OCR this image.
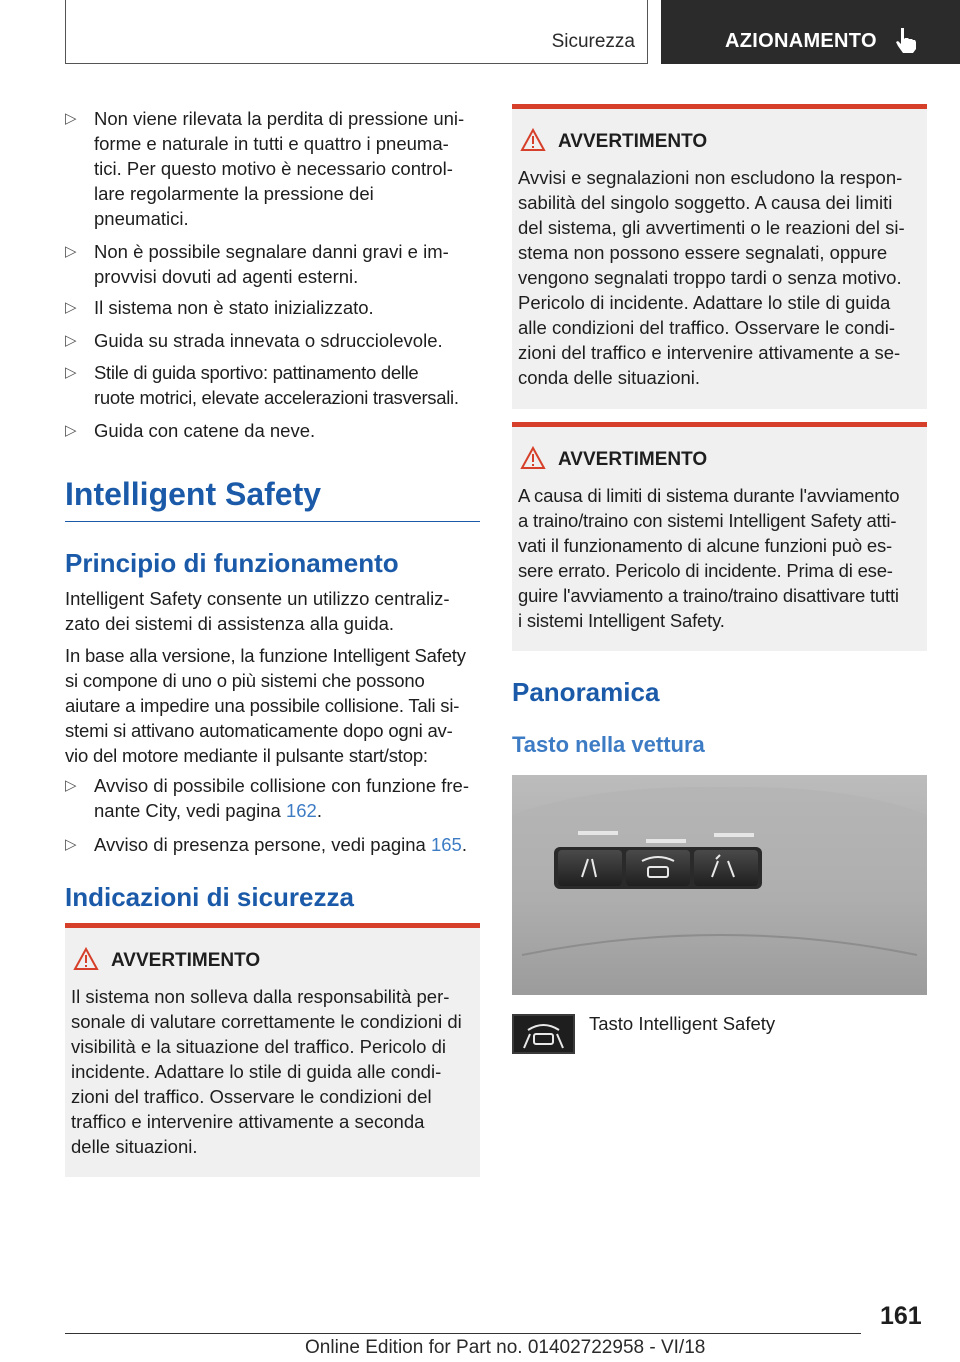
Sicurezza	AZIONAMENTO
▷ Non viene rilevata la perdita di pressione uni-
forme e naturale in tutti e quattro i pneuma-
tici. Per questo motivo è necessario control-
lare regolarmente la pressione dei
pneumatici.
▷ Non è possibile segnalare danni gravi e im-
provvisi dovuti ad agenti esterni.
▷ Il sistema non è stato inizializzato.
▷ Guida su strada innevata o sdrucciolevole.
▷ Stile di guida sportivo: pattinamento delle
ruote motrici, elevate accelerazioni trasversali.
▷ Guida con catene da neve.
Intelligent Safety
Principio di funzionamento
Intelligent Safety consente un utilizzo centraliz-
zato dei sistemi di assistenza alla guida.
In base alla versione, la funzione Intelligent Safety
si compone di uno o più sistemi che possono
aiutare a impedire una possibile collisione. Tali si-
stemi si attivano automaticamente dopo ogni av-
vio del motore mediante il pulsante start/stop:
▷ Avviso di possibile collisione con funzione fre-
nante City, vedi pagina 162.
▷ Avviso di presenza persone, vedi pagina 165.
Indicazioni di sicurezza
AVVERTIMENTO
Il sistema non solleva dalla responsabilità per-
sonale di valutare correttamente le condizioni di
visibilità e la situazione del traffico. Pericolo di
incidente. Adattare lo stile di guida alle condi-
zioni del traffico. Osservare le condizioni del
traffico e intervenire attivamente a seconda
delle situazioni.
AVVERTIMENTO
Avvisi e segnalazioni non escludono la respon-
sabilità del singolo soggetto. A causa dei limiti
del sistema, gli avvertimenti o le reazioni del si-
stema non possono essere segnalati, oppure
vengono segnalati troppo tardi o senza motivo.
Pericolo di incidente. Adattare lo stile di guida
alle condizioni del traffico. Osservare le condi-
zioni del traffico e intervenire attivamente a se-
conda delle situazioni.
AVVERTIMENTO
A causa di limiti di sistema durante l'avviamento
a traino/traino con sistemi Intelligent Safety atti-
vati il funzionamento di alcune funzioni può es-
sere errato. Pericolo di incidente. Prima di ese-
guire l'avviamento a traino/traino disattivare tutti
i sistemi Intelligent Safety.
Panoramica
Tasto nella vettura
Tasto Intelligent Safety
161
Online Edition for Part no. 01402722958 - VI/18
